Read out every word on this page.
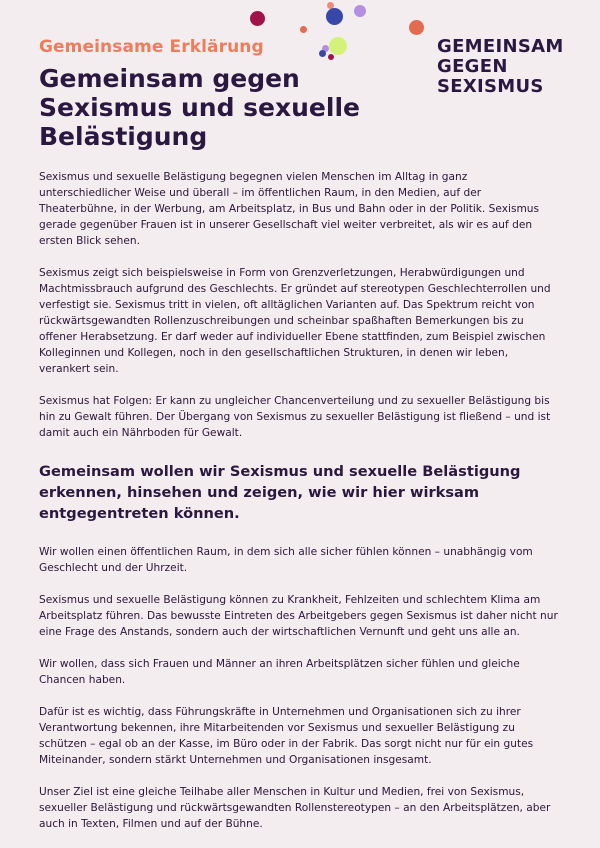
Gemeinsame Erklärung

Gemeinsam gegen Sexismus und sexuelle Belästigung
GEMEINSAM
GEGEN
SEXISMUS

Sexismus und sexuelle Belästigung begegnen vielen Menschen im Alltag in ganz unterschiedlicher Weise und überall – im öffentlichen Raum, in den Medien, auf der Theaterbühne, in der Werbung, am Arbeitsplatz, in Bus und Bahn oder in der Politik. Sexismus gerade gegenüber Frauen ist in unserer Gesellschaft viel weiter verbreitet, als wir es auf den ersten Blick sehen.

Sexismus zeigt sich beispielsweise in Form von Grenzverletzungen, Herabwürdigungen und Machtmissbrauch aufgrund des Geschlechts. Er gründet auf stereotypen Geschlechterrollen und verfestigt sie. Sexismus tritt in vielen, oft alltäglichen Varianten auf. Das Spektrum reicht von rückwärtsgewandten Rollenzuschreibungen und scheinbar spaßhaften Bemerkungen bis zu offener Herabsetzung. Er darf weder auf individueller Ebene stattfinden, zum Beispiel zwischen Kolleginnen und Kollegen, noch in den gesellschaftlichen Strukturen, in denen wir leben, verankert sein.

Sexismus hat Folgen: Er kann zu ungleicher Chancenverteilung und zu sexueller Belästigung bis hin zu Gewalt führen. Der Übergang von Sexismus zu sexueller Belästigung ist fließend – und ist damit auch ein Nährboden für Gewalt.

Gemeinsam wollen wir Sexismus und sexuelle Belästigung erkennen, hinsehen und zeigen, wie wir hier wirksam entgegentreten können.

Wir wollen einen öffentlichen Raum, in dem sich alle sicher fühlen können – unabhängig vom Geschlecht und der Uhrzeit.

Sexismus und sexuelle Belästigung können zu Krankheit, Fehlzeiten und schlechtem Klima am Arbeitsplatz führen. Das bewusste Eintreten des Arbeitgebers gegen Sexismus ist daher nicht nur eine Frage des Anstands, sondern auch der wirtschaftlichen Vernunft und geht uns alle an.

Wir wollen, dass sich Frauen und Männer an ihren Arbeitsplätzen sicher fühlen und gleiche Chancen haben.

Dafür ist es wichtig, dass Führungskräfte in Unternehmen und Organisationen sich zu ihrer Verantwortung bekennen, ihre Mitarbeitenden vor Sexismus und sexueller Belästigung zu schützen – egal ob an der Kasse, im Büro oder in der Fabrik. Das sorgt nicht nur für ein gutes Miteinander, sondern stärkt Unternehmen und Organisationen insgesamt.

Unser Ziel ist eine gleiche Teilhabe aller Menschen in Kultur und Medien, frei von Sexismus, sexueller Belästigung und rückwärtsgewandten Rollenstereotypen – an den Arbeitsplätzen, aber auch in Texten, Filmen und auf der Bühne.
